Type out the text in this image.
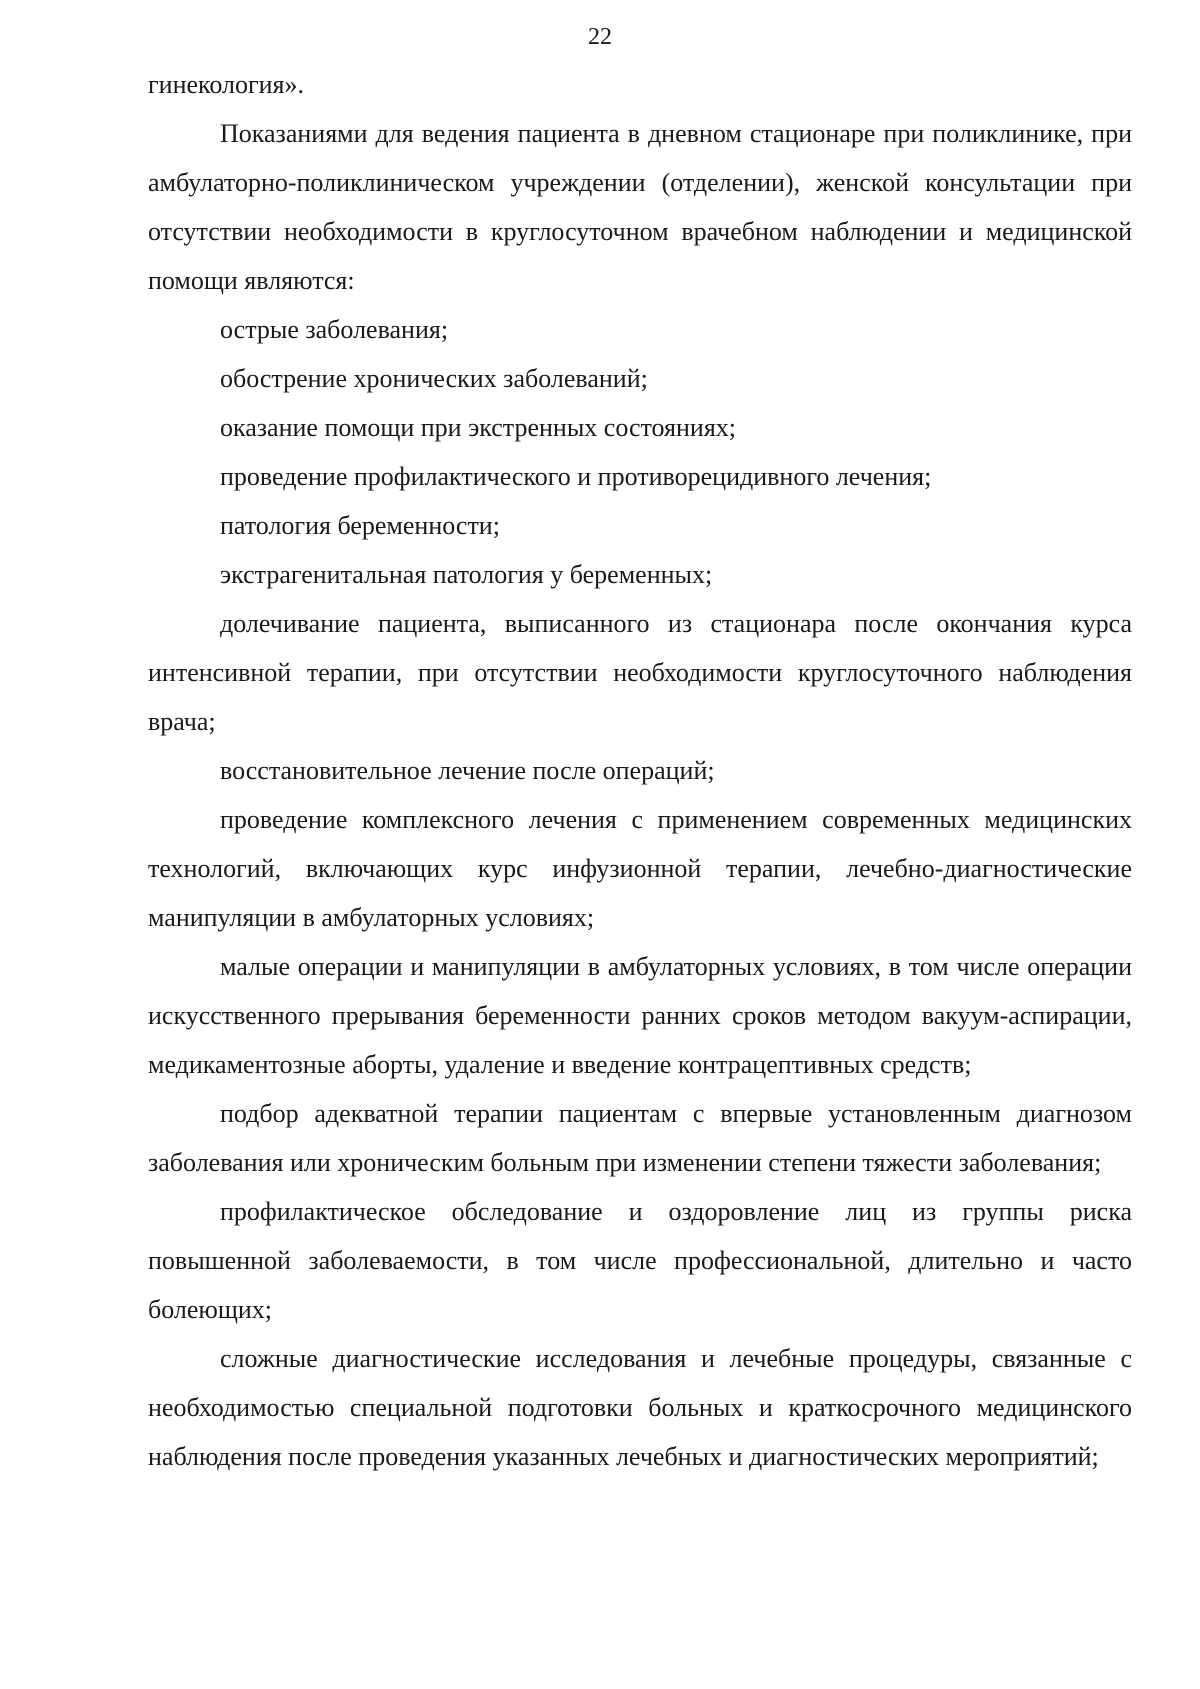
22

гинекология».

Показаниями для ведения пациента в дневном стационаре при поликлинике, при амбулаторно-поликлиническом учреждении (отделении), женской консультации при отсутствии необходимости в круглосуточном врачебном наблюдении и медицинской помощи являются:

острые заболевания;

обострение хронических заболеваний;

оказание помощи при экстренных состояниях;

проведение профилактического и противорецидивного лечения;

патология беременности;

экстрагенитальная патология у беременных;

долечивание пациента, выписанного из стационара после окончания курса интенсивной терапии, при отсутствии необходимости круглосуточного наблюдения врача;

восстановительное лечение после операций;

проведение комплексного лечения с применением современных медицинских технологий, включающих курс инфузионной терапии, лечебно-диагностические манипуляции в амбулаторных условиях;

малые операции и манипуляции в амбулаторных условиях, в том числе операции искусственного прерывания беременности ранних сроков методом вакуум-аспирации, медикаментозные аборты, удаление и введение контрацептивных средств;

подбор адекватной терапии пациентам с впервые установленным диагнозом заболевания или хроническим больным при изменении степени тяжести заболевания;

профилактическое обследование и оздоровление лиц из группы риска повышенной заболеваемости, в том числе профессиональной, длительно и часто болеющих;

сложные диагностические исследования и лечебные процедуры, связанные с необходимостью специальной подготовки больных и краткосрочного медицинского наблюдения после проведения указанных лечебных и диагностических мероприятий;
